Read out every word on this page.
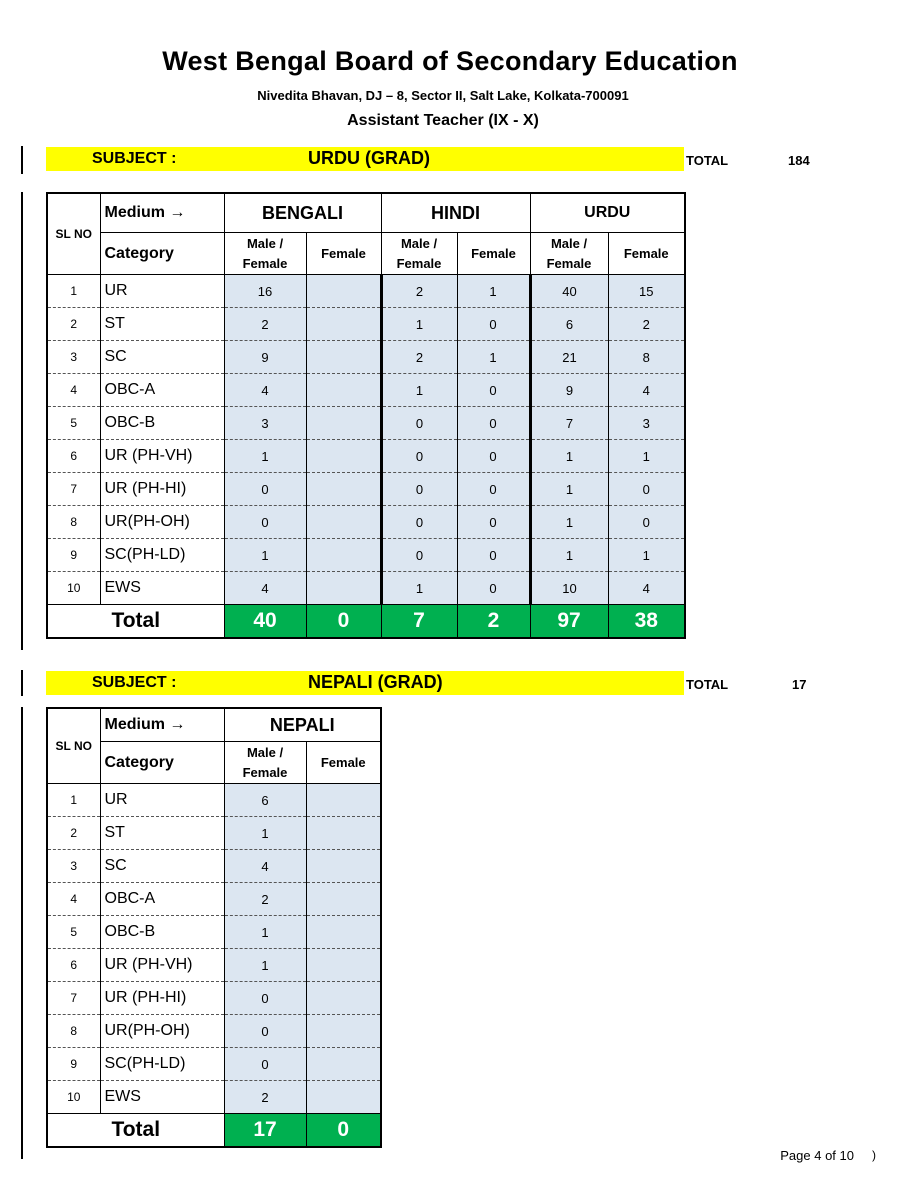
West Bengal Board of Secondary Education
Nivedita Bhavan, DJ – 8, Sector II, Salt Lake, Kolkata-700091
Assistant Teacher (IX - X)
SUBJECT :	URDU (GRAD)	TOTAL	184
SL NO	Medium →	BENGALI		HINDI		URDU	
	Category	Male /
Female	Female	Male /
Female	Female	Male /
Female	Female
1	UR	16		2	1	40	15
2	ST	2		1	0	6	2
3	SC	9		2	1	21	8
4	OBC-A	4		1	0	9	4
5	OBC-B	3		0	0	7	3
6	UR (PH-VH)	1		0	0	1	1
7	UR (PH-HI)	0		0	0	1	0
8	UR(PH-OH)	0		0	0	1	0
9	SC(PH-LD)	1		0	0	1	1
10	EWS	4		1	0	10	4
Total		40	0	7	2	97	38
SUBJECT :	NEPALI (GRAD)	TOTAL	17
SL NO	Medium →	NEPALI	
	Category	Male /
Female	Female
1	UR	6	
2	ST	1	
3	SC	4	
4	OBC-A	2	
5	OBC-B	1	
6	UR (PH-VH)	1	
7	UR (PH-HI)	0	
8	UR(PH-OH)	0	
9	SC(PH-LD)	0	
10	EWS	2	
Total		17	0
Page 4 of 10 )
